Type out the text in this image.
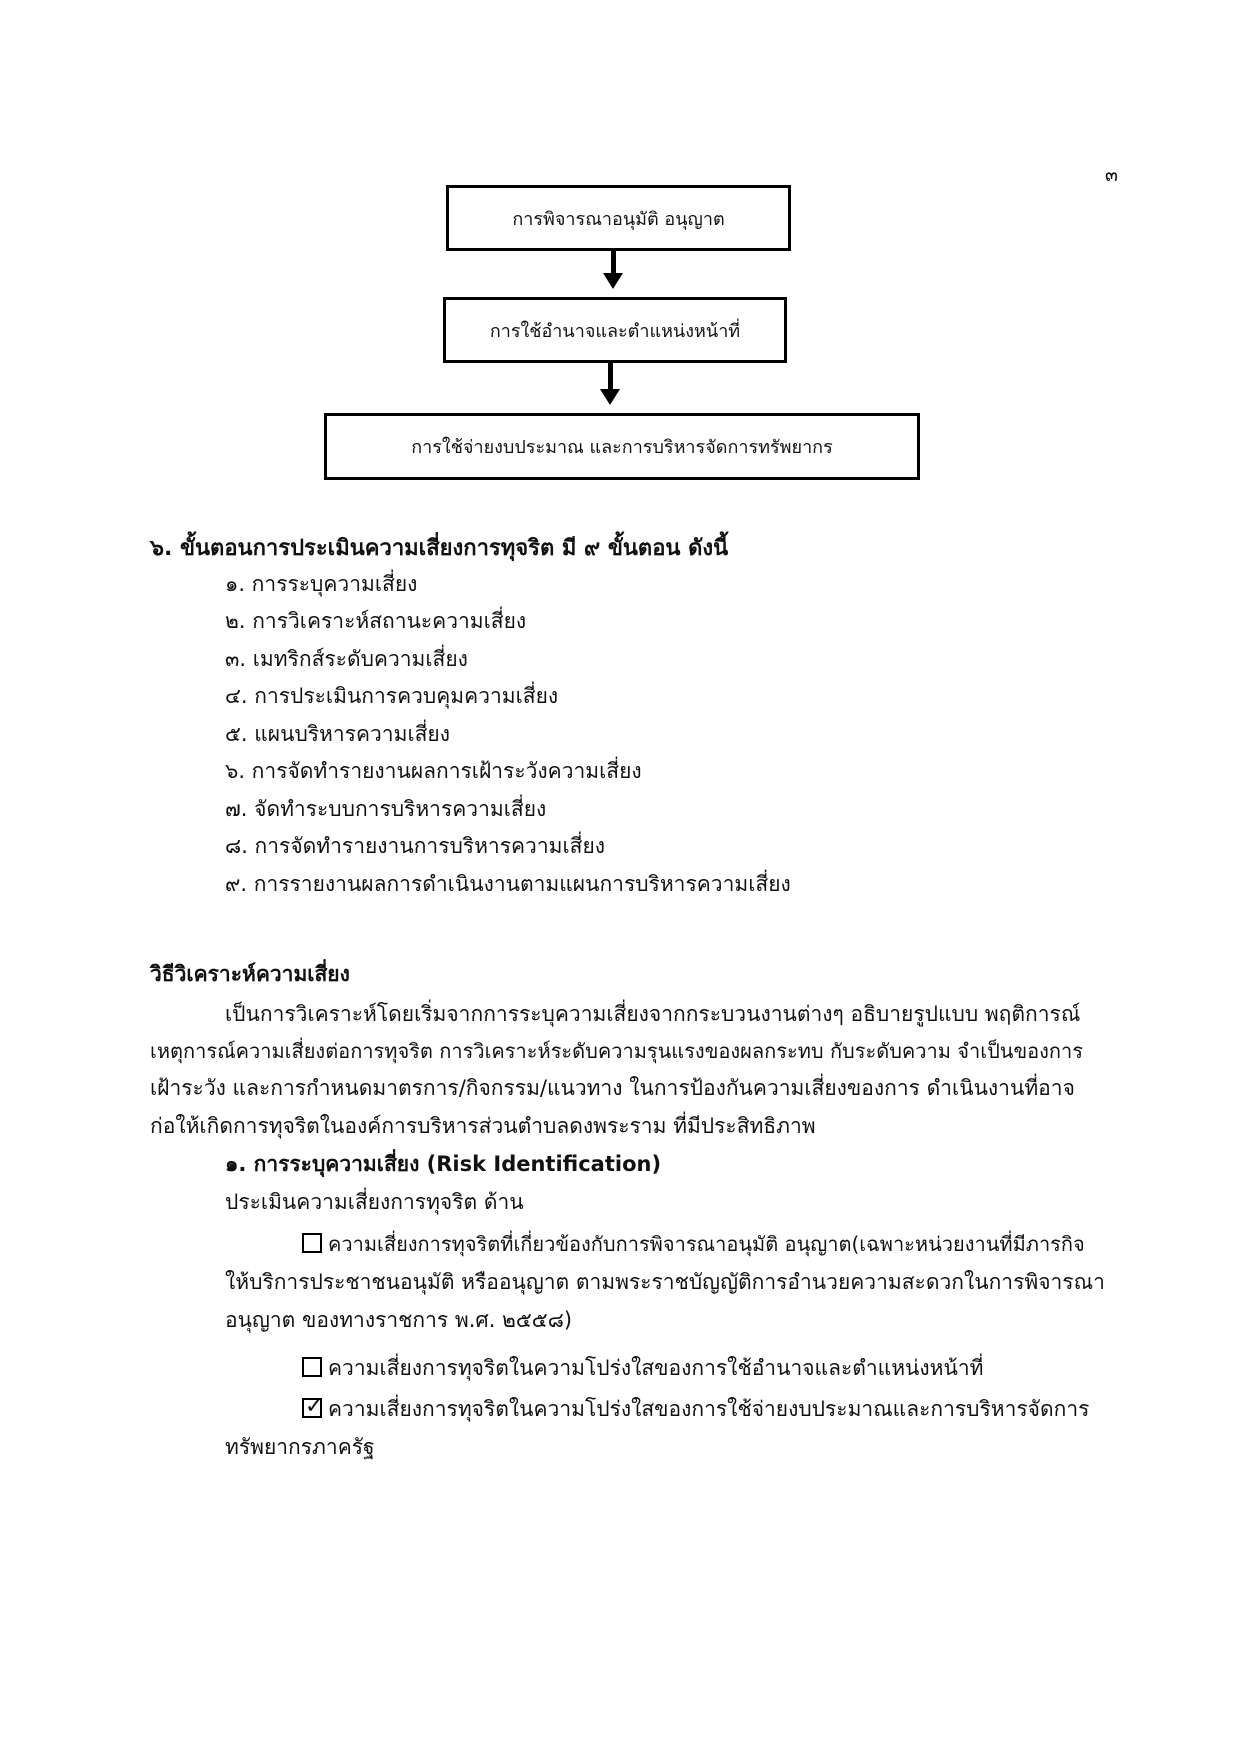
๓
การพิจารณาอนุมัติ อนุญาต
การใช้อำนาจและตำแหน่งหน้าที่
การใช้จ่ายงบประมาณ และการบริหารจัดการทรัพยากร
๖. ขั้นตอนการประเมินความเสี่ยงการทุจริต มี ๙ ขั้นตอน ดังนี้
๑. การระบุความเสี่ยง
๒. การวิเคราะห์สถานะความเสี่ยง
๓. เมทริกส์ระดับความเสี่ยง
๔. การประเมินการควบคุมความเสี่ยง
๕. แผนบริหารความเสี่ยง
๖. การจัดทำรายงานผลการเฝ้าระวังความเสี่ยง
๗. จัดทำระบบการบริหารความเสี่ยง
๘. การจัดทำรายงานการบริหารความเสี่ยง
๙. การรายงานผลการดำเนินงานตามแผนการบริหารความเสี่ยง
วิธีวิเคราะห์ความเสี่ยง
เป็นการวิเคราะห์โดยเริ่มจากการระบุความเสี่ยงจากกระบวนงานต่างๆ อธิบายรูปแบบ พฤติการณ์
เหตุการณ์ความเสี่ยงต่อการทุจริต การวิเคราะห์ระดับความรุนแรงของผลกระทบ กับระดับความ จำเป็นของการ
เฝ้าระวัง และการกำหนดมาตรการ/กิจกรรม/แนวทาง ในการป้องกันความเสี่ยงของการ ดำเนินงานที่อาจ
ก่อให้เกิดการทุจริตในองค์การบริหารส่วนตำบลดงพระราม ที่มีประสิทธิภาพ
๑. การระบุความเสี่ยง (Risk Identification)
ประเมินความเสี่ยงการทุจริต ด้าน
ความเสี่ยงการทุจริตที่เกี่ยวข้องกับการพิจารณาอนุมัติ อนุญาต(เฉพาะหน่วยงานที่มีภารกิจ
ให้บริการประชาชนอนุมัติ หรืออนุญาต ตามพระราชบัญญัติการอำนวยความสะดวกในการพิจารณา
อนุญาต ของทางราชการ พ.ศ. ๒๕๕๘)
ความเสี่ยงการทุจริตในความโปร่งใสของการใช้อำนาจและตำแหน่งหน้าที่
✓ความเสี่ยงการทุจริตในความโปร่งใสของการใช้จ่ายงบประมาณและการบริหารจัดการ
ทรัพยากรภาครัฐ
